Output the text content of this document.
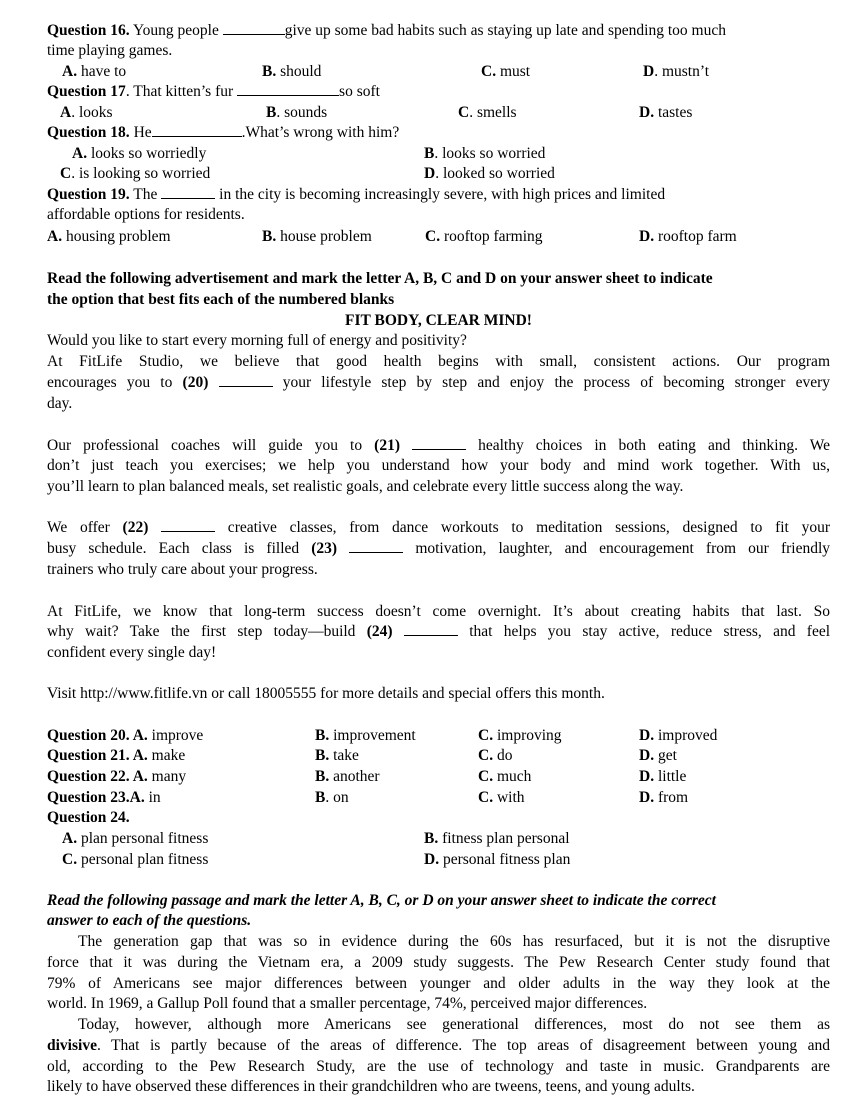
Question 16. Young people	give up some bad habits such as staying up late and spending too much
time playing games.
A. have to	B. should	C. must	D. mustn’t
Question 17. That kitten’s fur	so soft
A. looks	B. sounds	C. smells	D. tastes
Question 18. He	.What’s wrong with him?
A. looks so worriedly	B. looks so worried
C. is looking so worried	D. looked so worried
Question 19. The	in the city is becoming increasingly severe, with high prices and limited
affordable options for residents.
A. housing problem	B. house problem	C. rooftop farming	D. rooftop farm
Read the following advertisement and mark the letter A, B, C and D on your answer sheet to indicate
the option that best fits each of the numbered blanks
FIT BODY, CLEAR MIND!
Would you like to start every morning full of energy and positivity?
At FitLife Studio, we believe that good health begins with small, consistent actions. Our program
encourages you to (20)	your lifestyle step by step and enjoy the process of becoming stronger every
day.
Our professional coaches will guide you to (21)	healthy choices in both eating and thinking. We
don’t just teach you exercises; we help you understand how your body and mind work together. With us,
you’ll learn to plan balanced meals, set realistic goals, and celebrate every little success along the way.
We offer (22)	creative classes, from dance workouts to meditation sessions, designed to fit your
busy schedule. Each class is filled (23)	motivation, laughter, and encouragement from our friendly
trainers who truly care about your progress.
At FitLife, we know that long-term success doesn’t come overnight. It’s about creating habits that last. So
why wait? Take the first step today—build (24)	that helps you stay active, reduce stress, and feel
confident every single day!
Visit http://www.fitlife.vn or call 18005555 for more details and special offers this month.
Question 20. A. improve	B. improvement	C. improving	D. improved
Question 21. A. make	B. take	C. do	D. get
Question 22. A. many	B. another	C. much	D. little
Question 23.A. in	B. on	C. with	D. from
Question 24.
A. plan personal fitness	B. fitness plan personal
C. personal plan fitness	D. personal fitness plan
Read the following passage and mark the letter A, B, C, or D on your answer sheet to indicate the correct
answer to each of the questions.
The generation gap that was so in evidence during the 60s has resurfaced, but it is not the disruptive
force that it was during the Vietnam era, a 2009 study suggests. The Pew Research Center study found that
79% of Americans see major differences between younger and older adults in the way they look at the
world. In 1969, a Gallup Poll found that a smaller percentage, 74%, perceived major differences.
Today, however, although more Americans see generational differences, most do not see them as
divisive. That is partly because of the areas of difference. The top areas of disagreement between young and
old, according to the Pew Research Study, are the use of technology and taste in music. Grandparents are
likely to have observed these differences in their grandchildren who are tweens, teens, and young adults.
